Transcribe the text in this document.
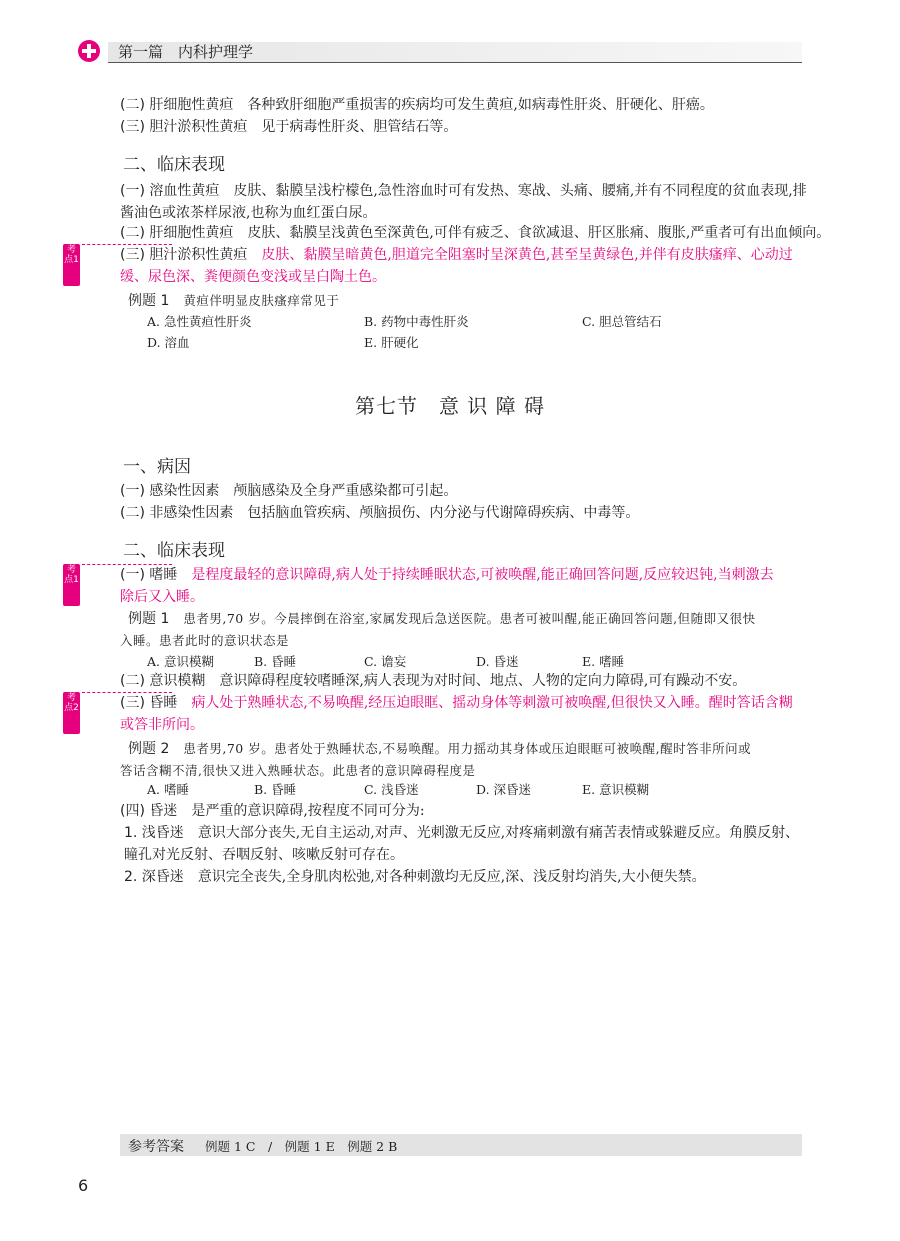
第一篇　内科护理学
(二) 肝细胞性黄疸　 各种致肝细胞严重损害的疾病均可发生黄疸,如病毒性肝炎、肝硬化、肝癌。
(三) 胆汁淤积性黄疸　 见于病毒性肝炎、胆管结石等。
二、临床表现
(一) 溶血性黄疸　 皮肤、黏膜呈浅柠檬色,急性溶血时可有发热、寒战、头痛、腰痛,并有不同程度的贫血表现,排
酱油色或浓茶样尿液,也称为血红蛋白尿。
(二) 肝细胞性黄疸　 皮肤、黏膜呈浅黄色至深黄色,可伴有疲乏、食欲减退、肝区胀痛、腹胀,严重者可有出血倾向。
考点1	(三) 胆汁淤积性黄疸　 皮肤、黏膜呈暗黄色,胆道完全阻塞时呈深黄色,甚至呈黄绿色,并伴有皮肤瘙痒、心动过
缓、尿色深、粪便颜色变浅或呈白陶土色。
例题 1　 黄疸伴明显皮肤瘙痒常见于
A. 急性黄疸性肝炎	B. 药物中毒性肝炎	C. 胆总管结石
D. 溶血	E. 肝硬化
第七节　意 识 障 碍
一、病因
(一) 感染性因素　 颅脑感染及全身严重感染都可引起。
(二) 非感染性因素　 包括脑血管疾病、颅脑损伤、内分泌与代谢障碍疾病、中毒等。
二、临床表现
考点1	(一) 嗜睡　 是程度最轻的意识障碍,病人处于持续睡眠状态,可被唤醒,能正确回答问题,反应较迟钝,当刺激去
除后又入睡。
例题 1　 患者男,70 岁。今晨摔倒在浴室,家属发现后急送医院。患者可被叫醒,能正确回答问题,但随即又很快
入睡。患者此时的意识状态是
A. 意识模糊	B. 昏睡	C. 谵妄	D. 昏迷	E. 嗜睡
(二) 意识模糊　 意识障碍程度较嗜睡深,病人表现为对时间、地点、人物的定向力障碍,可有躁动不安。
考点2	(三) 昏睡　 病人处于熟睡状态,不易唤醒,经压迫眼眶、摇动身体等刺激可被唤醒,但很快又入睡。醒时答话含糊
或答非所问。
例题 2　 患者男,70 岁。患者处于熟睡状态,不易唤醒。用力摇动其身体或压迫眼眶可被唤醒,醒时答非所问或
答话含糊不清,很快又进入熟睡状态。此患者的意识障碍程度是
A. 嗜睡	B. 昏睡	C. 浅昏迷	D. 深昏迷	E. 意识模糊
(四) 昏迷　 是严重的意识障碍,按程度不同可分为:
1. 浅昏迷　 意识大部分丧失,无自主运动,对声、光刺激无反应,对疼痛刺激有痛苦表情或躲避反应。角膜反射、
瞳孔对光反射、吞咽反射、咳嗽反射可存在。
2. 深昏迷　 意识完全丧失,全身肌肉松弛,对各种刺激均无反应,深、浅反射均消失,大小便失禁。
参考答案 例题 1 C　/　例题 1 E　例题 2 B
6
